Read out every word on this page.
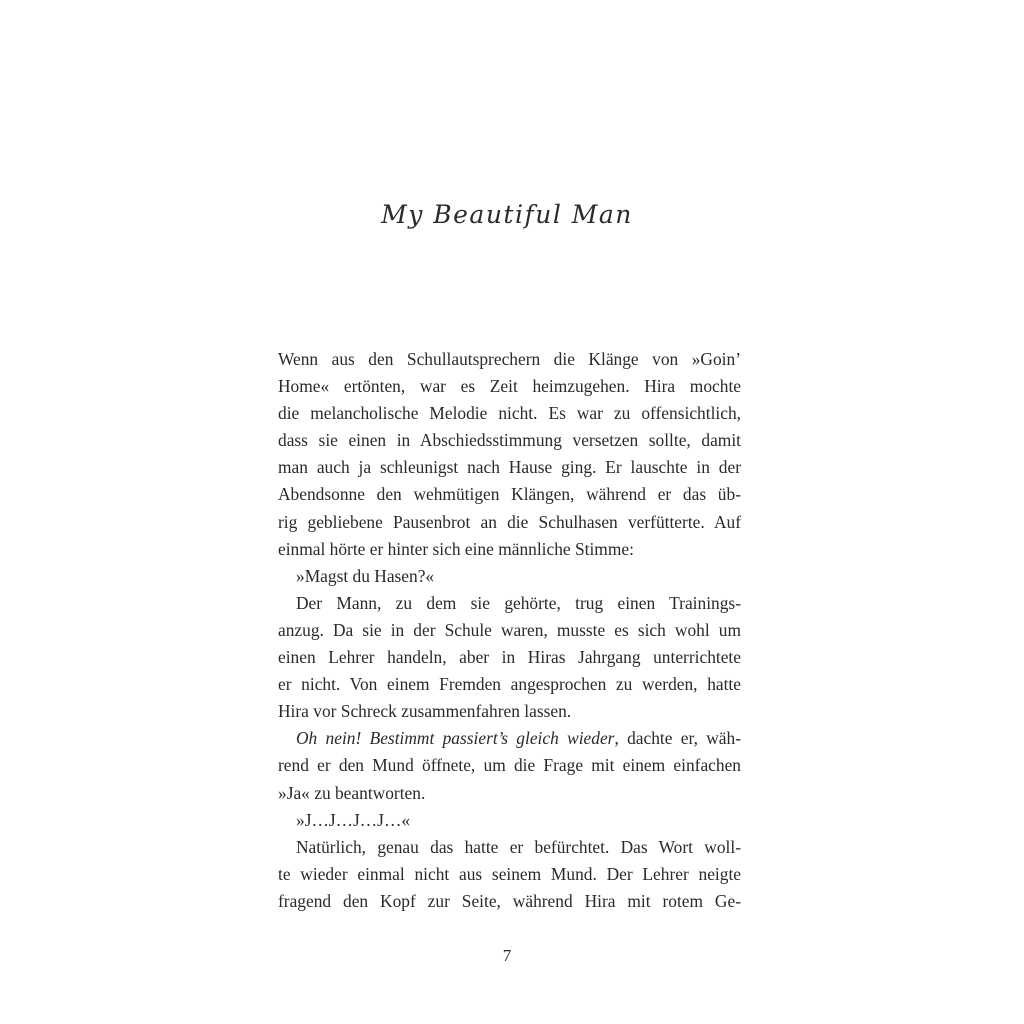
My Beautiful Man
Wenn aus den Schullautsprechern die Klänge von »Goin’
Home« ertönten, war es Zeit heimzugehen. Hira mochte
die melancholische Melodie nicht. Es war zu offensichtlich,
dass sie einen in Abschiedsstimmung versetzen sollte, damit
man auch ja schleunigst nach Hause ging. Er lauschte in der
Abendsonne den wehmütigen Klängen, während er das üb-
rig gebliebene Pausenbrot an die Schulhasen verfütterte. Auf
einmal hörte er hinter sich eine männliche Stimme:
»Magst du Hasen?«
Der Mann, zu dem sie gehörte, trug einen Trainings-
anzug. Da sie in der Schule waren, musste es sich wohl um
einen Lehrer handeln, aber in Hiras Jahrgang unterrichtete
er nicht. Von einem Fremden angesprochen zu werden, hatte
Hira vor Schreck zusammenfahren lassen.
Oh nein! Bestimmt passiert’s gleich wieder, dachte er, wäh-
rend er den Mund öffnete, um die Frage mit einem einfachen
»Ja« zu beantworten.
»J…J…J…J…«
Natürlich, genau das hatte er befürchtet. Das Wort woll-
te wieder einmal nicht aus seinem Mund. Der Lehrer neigte
fragend den Kopf zur Seite, während Hira mit rotem Ge-
7
